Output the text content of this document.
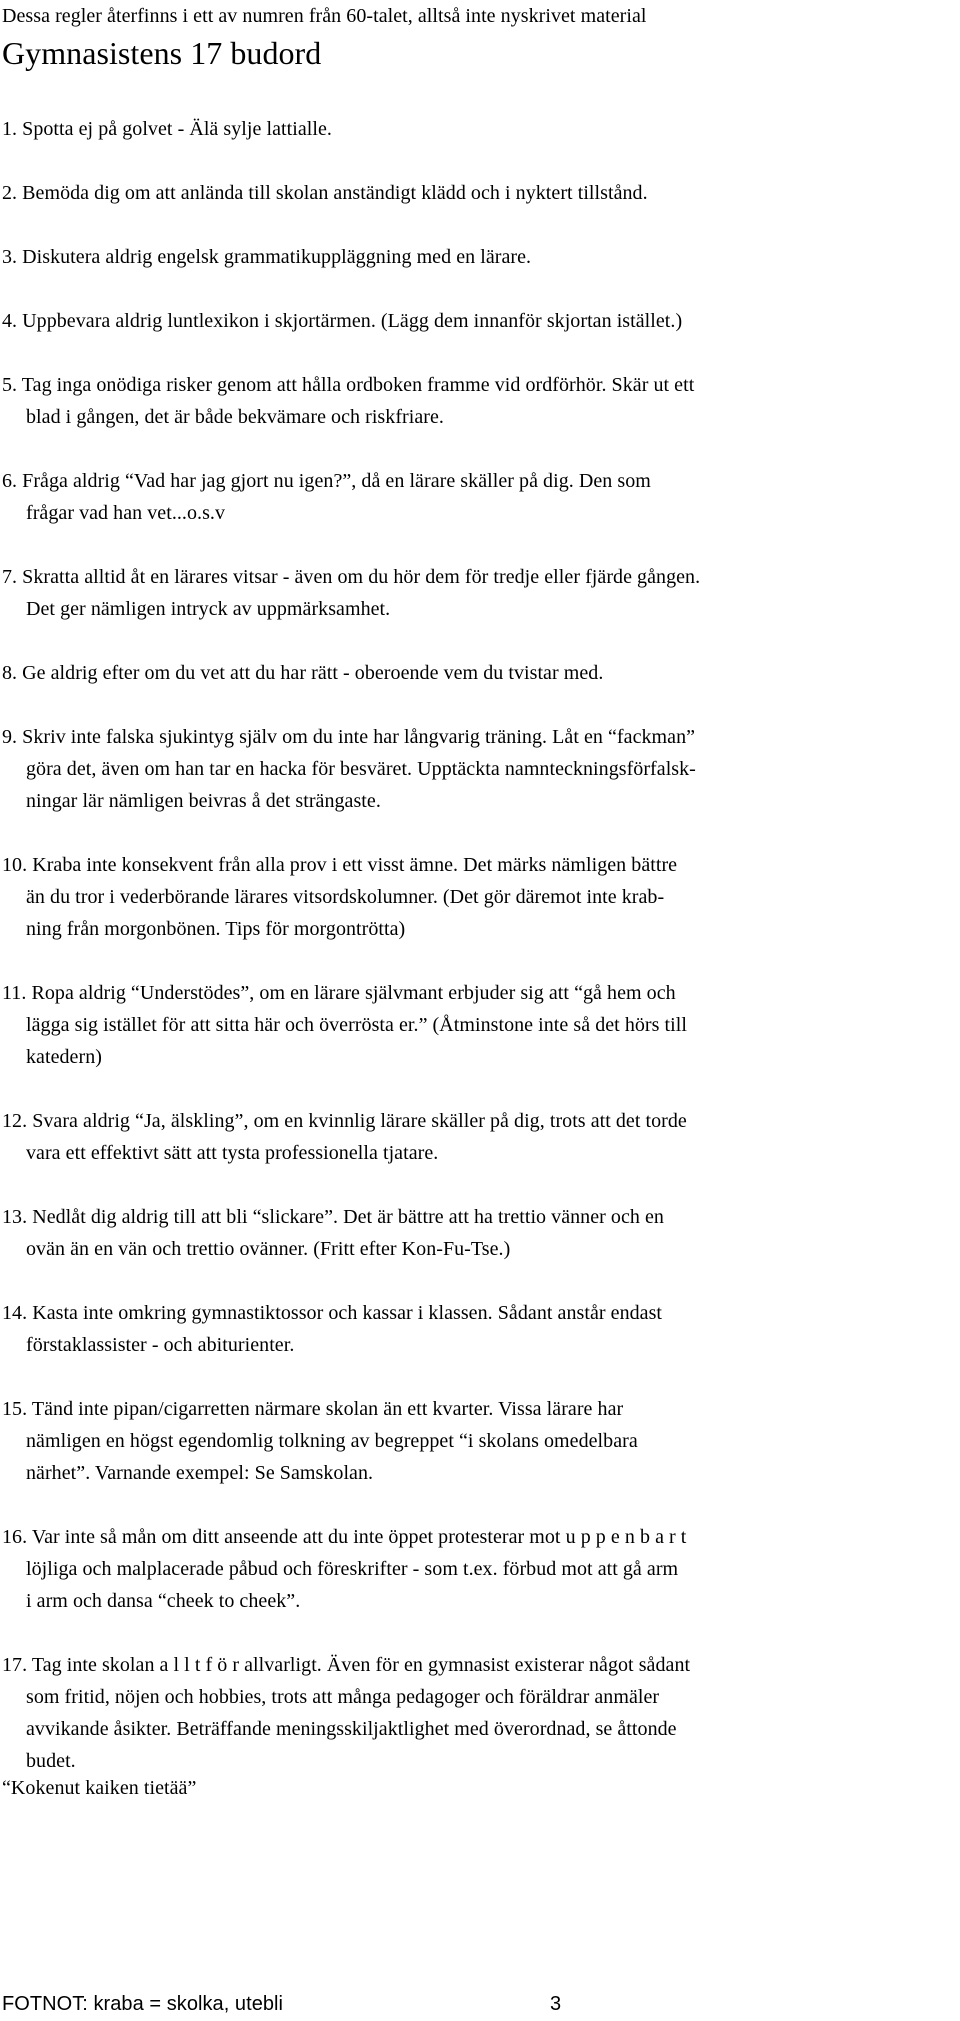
Dessa regler återfinns i ett av numren från 60-talet, alltså inte nyskrivet material
Gymnasistens 17 budord
1. Spotta ej på golvet - Älä sylje lattialle.
2. Bemöda dig om att anlända till skolan anständigt klädd och i nyktert tillstånd.
3. Diskutera aldrig engelsk grammatikuppläggning med en lärare.
4. Uppbevara aldrig luntlexikon i skjortärmen. (Lägg dem innanför skjortan istället.)
5. Tag inga onödiga risker genom att hålla ordboken framme vid ordförhör. Skär ut ett
blad i gången, det är både bekvämare och riskfriare.
6. Fråga aldrig “Vad har jag gjort nu igen?”, då en lärare skäller på dig. Den som
frågar vad han vet...o.s.v
7. Skratta alltid åt en lärares vitsar - även om du hör dem för tredje eller fjärde gången.
Det ger nämligen intryck av uppmärksamhet.
8. Ge aldrig efter om du vet att du har rätt - oberoende vem du tvistar med.
9. Skriv inte falska sjukintyg själv om du inte har långvarig träning. Låt en “fackman”
göra det, även om han tar en hacka för besväret. Upptäckta namnteckningsförfalsk-
ningar lär nämligen beivras å det strängaste.
10. Kraba inte konsekvent från alla prov i ett visst ämne. Det märks nämligen bättre
än du tror i vederbörande lärares vitsordskolumner. (Det gör däremot inte krab-
ning från morgonbönen. Tips för morgontrötta)
11. Ropa aldrig “Understödes”, om en lärare självmant erbjuder sig att “gå hem och
lägga sig istället för att sitta här och överrösta er.” (Åtminstone inte så det hörs till
katedern)
12. Svara aldrig “Ja, älskling”, om en kvinnlig lärare skäller på dig, trots att det torde
vara ett effektivt sätt att tysta professionella tjatare.
13. Nedlåt dig aldrig till att bli “slickare”. Det är bättre att ha trettio vänner och en
ovän än en vän och trettio ovänner. (Fritt efter Kon-Fu-Tse.)
14. Kasta inte omkring gymnastiktossor och kassar i klassen. Sådant anstår endast
förstaklassister - och abiturienter.
15. Tänd inte pipan/cigarretten närmare skolan än ett kvarter. Vissa lärare har
nämligen en högst egendomlig tolkning av begreppet “i skolans omedelbara
närhet”. Varnande exempel: Se Samskolan.
16. Var inte så mån om ditt anseende att du inte öppet protesterar mot u p p e n b a r t
löjliga och malplacerade påbud och föreskrifter - som t.ex. förbud mot att gå arm
i arm och dansa “cheek to cheek”.
17. Tag inte skolan a l l t f ö r allvarligt. Även för en gymnasist existerar något sådant
som fritid, nöjen och hobbies, trots att många pedagoger och föräldrar anmäler
avvikande åsikter. Beträffande meningsskiljaktlighet med överordnad, se åttonde
budet.
“Kokenut kaiken tietää”
FOTNOT: kraba = skolka, utebli	3
